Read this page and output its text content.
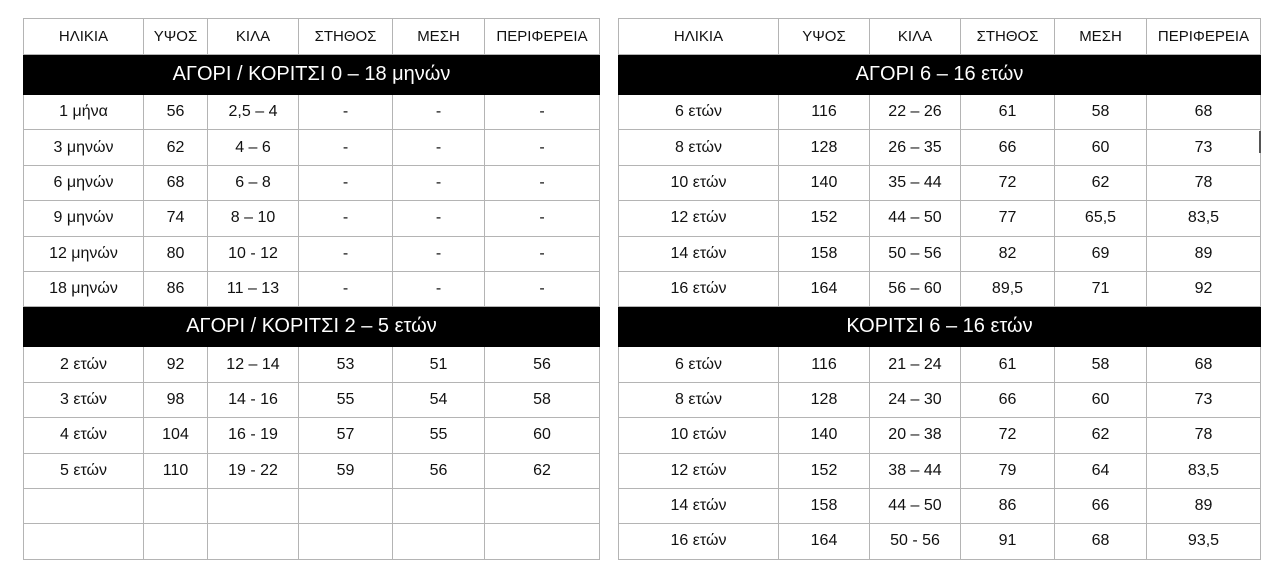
ΗΛΙΚΙΑ	ΥΨΟΣ	ΚΙΛΑ	ΣΤΗΘΟΣ	ΜΕΣΗ	ΠΕΡΙΦΕΡΕΙΑ
ΑΓΟΡΙ / ΚΟΡΙΤΣΙ 0 – 18 μηνών					
1 μήνα	56	2,5 – 4	-	-	-
3 μηνών	62	4 – 6	-	-	-
6 μηνών	68	6 – 8	-	-	-
9 μηνών	74	8 – 10	-	-	-
12 μηνών	80	10 - 12	-	-	-
18 μηνών	86	11 – 13	-	-	-
ΑΓΟΡΙ / ΚΟΡΙΤΣΙ 2 – 5 ετών					
2 ετών	92	12 – 14	53	51	56
3 ετών	98	14 - 16	55	54	58
4 ετών	104	16 - 19	57	55	60
5 ετών	110	19 - 22	59	56	62

ΗΛΙΚΙΑ	ΥΨΟΣ	ΚΙΛΑ	ΣΤΗΘΟΣ	ΜΕΣΗ	ΠΕΡΙΦΕΡΕΙΑ
ΑΓΟΡΙ 6 – 16 ετών					
6 ετών	116	22 – 26	61	58	68
8 ετών	128	26 – 35	66	60	73
10 ετών	140	35 – 44	72	62	78
12 ετών	152	44 – 50	77	65,5	83,5
14 ετών	158	50 – 56	82	69	89
16 ετών	164	56 – 60	89,5	71	92
ΚΟΡΙΤΣΙ 6 – 16 ετών					
6 ετών	116	21 – 24	61	58	68
8 ετών	128	24 – 30	66	60	73
10 ετών	140	20 – 38	72	62	78
12 ετών	152	38 – 44	79	64	83,5
14 ετών	158	44 – 50	86	66	89
16 ετών	164	50 - 56	91	68	93,5
